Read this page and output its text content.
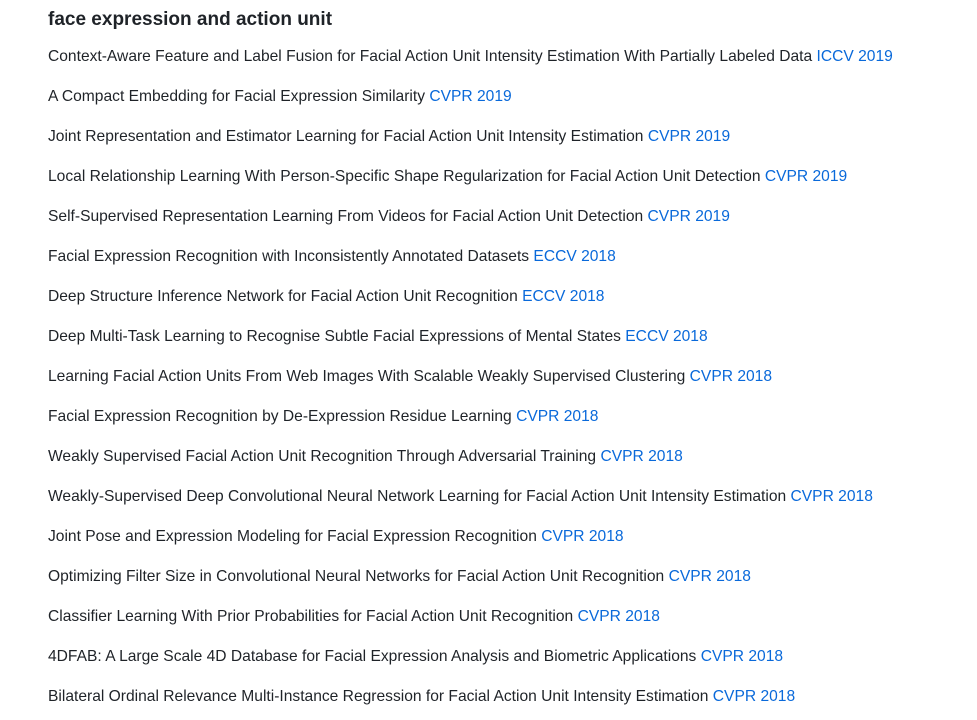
face expression and action unit
Context-Aware Feature and Label Fusion for Facial Action Unit Intensity Estimation With Partially Labeled Data ICCV 2019
A Compact Embedding for Facial Expression Similarity CVPR 2019
Joint Representation and Estimator Learning for Facial Action Unit Intensity Estimation CVPR 2019
Local Relationship Learning With Person-Specific Shape Regularization for Facial Action Unit Detection CVPR 2019
Self-Supervised Representation Learning From Videos for Facial Action Unit Detection CVPR 2019
Facial Expression Recognition with Inconsistently Annotated Datasets ECCV 2018
Deep Structure Inference Network for Facial Action Unit Recognition ECCV 2018
Deep Multi-Task Learning to Recognise Subtle Facial Expressions of Mental States ECCV 2018
Learning Facial Action Units From Web Images With Scalable Weakly Supervised Clustering CVPR 2018
Facial Expression Recognition by De-Expression Residue Learning CVPR 2018
Weakly Supervised Facial Action Unit Recognition Through Adversarial Training CVPR 2018
Weakly-Supervised Deep Convolutional Neural Network Learning for Facial Action Unit Intensity Estimation CVPR 2018
Joint Pose and Expression Modeling for Facial Expression Recognition CVPR 2018
Optimizing Filter Size in Convolutional Neural Networks for Facial Action Unit Recognition CVPR 2018
Classifier Learning With Prior Probabilities for Facial Action Unit Recognition CVPR 2018
4DFAB: A Large Scale 4D Database for Facial Expression Analysis and Biometric Applications CVPR 2018
Bilateral Ordinal Relevance Multi-Instance Regression for Facial Action Unit Intensity Estimation CVPR 2018
